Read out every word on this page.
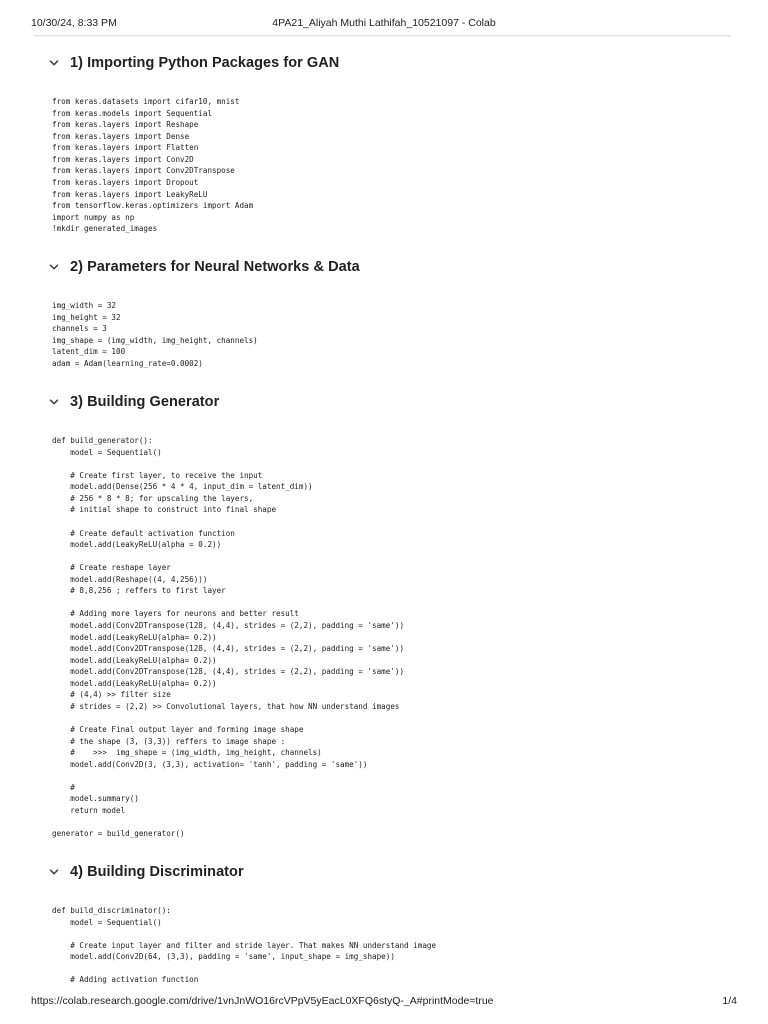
10/30/24, 8:33 PM	4PA21_Aliyah Muthi Lathifah_10521097 - Colab
1) Importing Python Packages for GAN
from keras.datasets import cifar10, mnist
from keras.models import Sequential
from keras.layers import Reshape
from keras.layers import Dense
from keras.layers import Flatten
from keras.layers import Conv2D
from keras.layers import Conv2DTranspose
from keras.layers import Dropout
from keras.layers import LeakyReLU
from tensorflow.keras.optimizers import Adam
import numpy as np
!mkdir generated_images
2) Parameters for Neural Networks & Data
img_width = 32
img_height = 32
channels = 3
img_shape = (img_width, img_height, channels)
latent_dim = 100
adam = Adam(learning_rate=0.0002)
3) Building Generator
def build_generator():
model = Sequential()

# Create first layer, to receive the input
model.add(Dense(256 * 4 * 4, input_dim = latent_dim))
# 256 * 8 * 8; for upscaling the layers,
# initial shape to construct into final shape

# Create default activation function
model.add(LeakyReLU(alpha = 0.2))

# Create reshape layer
model.add(Reshape((4, 4,256)))
# 8,8,256 ; reffers to first layer

# Adding more layers for neurons and better result
model.add(Conv2DTranspose(128, (4,4), strides = (2,2), padding = 'same'))
model.add(LeakyReLU(alpha= 0.2))
model.add(Conv2DTranspose(128, (4,4), strides = (2,2), padding = 'same'))
model.add(LeakyReLU(alpha= 0.2))
model.add(Conv2DTranspose(128, (4,4), strides = (2,2), padding = 'same'))
model.add(LeakyReLU(alpha= 0.2))
# (4,4) >> filter size
# strides = (2,2) >> Convolutional layers, that how NN understand images

# Create Final output layer and forming image shape
# the shape (3, (3,3)) reffers to image shape :
#    >>>  img_shape = (img_width, img_height, channels)
model.add(Conv2D(3, (3,3), activation= 'tanh', padding = 'same'))

#
model.summary()
return model

generator = build_generator()
4) Building Discriminator
def build_discriminator():
model = Sequential()

# Create input layer and filter and stride layer. That makes NN understand image
model.add(Conv2D(64, (3,3), padding = 'same', input_shape = img_shape))

# Adding activation function
https://colab.research.google.com/drive/1vnJnWO16rcVPpV5yEacL0XFQ6styQ-_A#printMode=true	1/4
